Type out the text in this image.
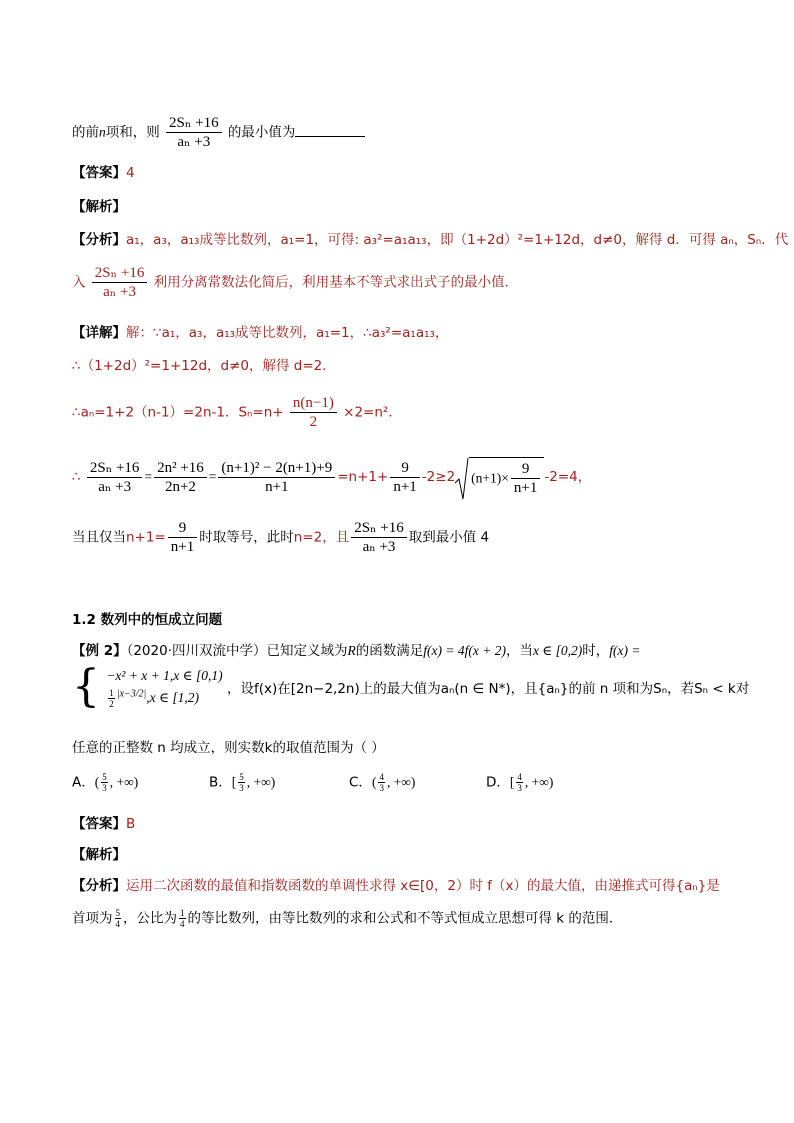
的前n项和，则 $\frac{\text{2Sₙ +16}}{\text{aₙ +3}}$ 的最小值为
【答案】4
【解析】
【分析】a₁，a₃，a₁₃成等比数列，a₁=1，可得: a₃²=a₁a₁₃，即（1+2d）²=1+12d，d≠0，解得 d．可得 aₙ，Sₙ．代
入 $\frac{\text{2Sₙ +16}}{\text{aₙ +3}}$ 利用分离常数法化简后，利用基本不等式求出式子的最小值．
【详解】解：∵a₁，a₃，a₁₃成等比数列，a₁=1，∴a₃²=a₁a₁₃，
∴（1+2d）²=1+12d，d≠0，解得 d=2．
∴aₙ=1+2（n-1）=2n-1．$S_n=n+ \frac{n(n-1)}{2} \times 2=n^2$．
∴ $\frac{\text{2Sₙ +16}}{\text{aₙ +3}} = \frac{\text{2n² +16}}{2n+2} = \frac{\text{(n+1)² − 2(n+1)+9}}{n+1} =n+1+ \frac{9}{n+1} -2\ge 2$ $(n+1)\times \frac{9}{n+1} -2=4$，
当且仅当$n+1= \frac{9}{n+1}$ 时取等号，此时n=2，且 $\frac{\text{2Sₙ +16}}{\text{aₙ +3}}$ 取到最小值 4
1.2 数列中的恒成立问题
【例 2】（2020·四川双流中学）已知定义域为R的函数满足f(x) = 4f(x + 2)，当x ∈ [0,2)时，f(x) =
{ −x² + x + 1,x ∈ [0,1)
$\frac{1}{2} ^{|x-3/2|},x$ ∈ [1,2)
，设f(x)在[2n−2,2n)上的最大值为aₙ(n ∈ N*)，且{aₙ}的前 n 项和为Sₙ，若Sₙ < k对
任意的正整数 n 均成立，则实数k的取值范围为（ ）
A．( $\frac{5}{3}$ , +∞)	B．[ $\frac{5}{3}$ , +∞)	C．( $\frac{4}{3}$ , +∞)	D．[ $\frac{4}{3}$ , +∞)
【答案】B
【解析】
【分析】运用二次函数的最值和指数函数的单调性求得 x∈[0，2）时 f（x）的最大值，由递推式可得{aₙ}是
首项为 $\frac{5}{4}$ ，公比为 $\frac{1}{4}$ 的等比数列，由等比数列的求和公式和不等式恒成立思想可得 k 的范围．
